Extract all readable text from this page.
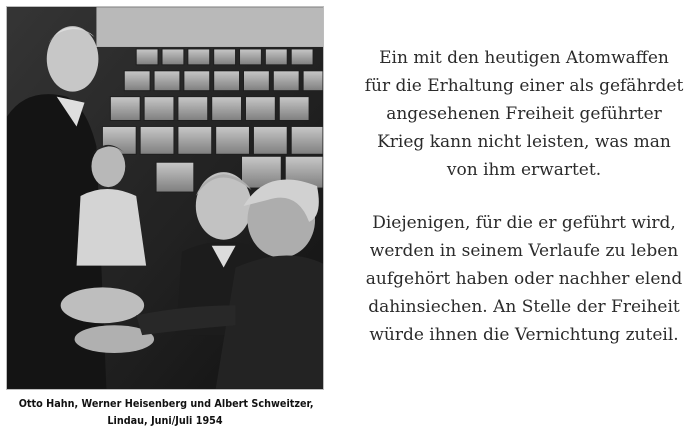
Otto Hahn, Werner Heisenberg und Albert Schweitzer,
Lindau, Juni/Juli 1954
Ein mit den heutigen Atomwaffen
für die Erhaltung einer als gefährdet
angesehenen Freiheit geführter
Krieg kann nicht leisten, was man
von ihm erwartet.
Diejenigen, für die er geführt wird,
werden in seinem Verlaufe zu leben
aufgehört haben oder nachher elend
dahinsiechen. An Stelle der Freiheit
würde ihnen die Vernichtung zuteil.
